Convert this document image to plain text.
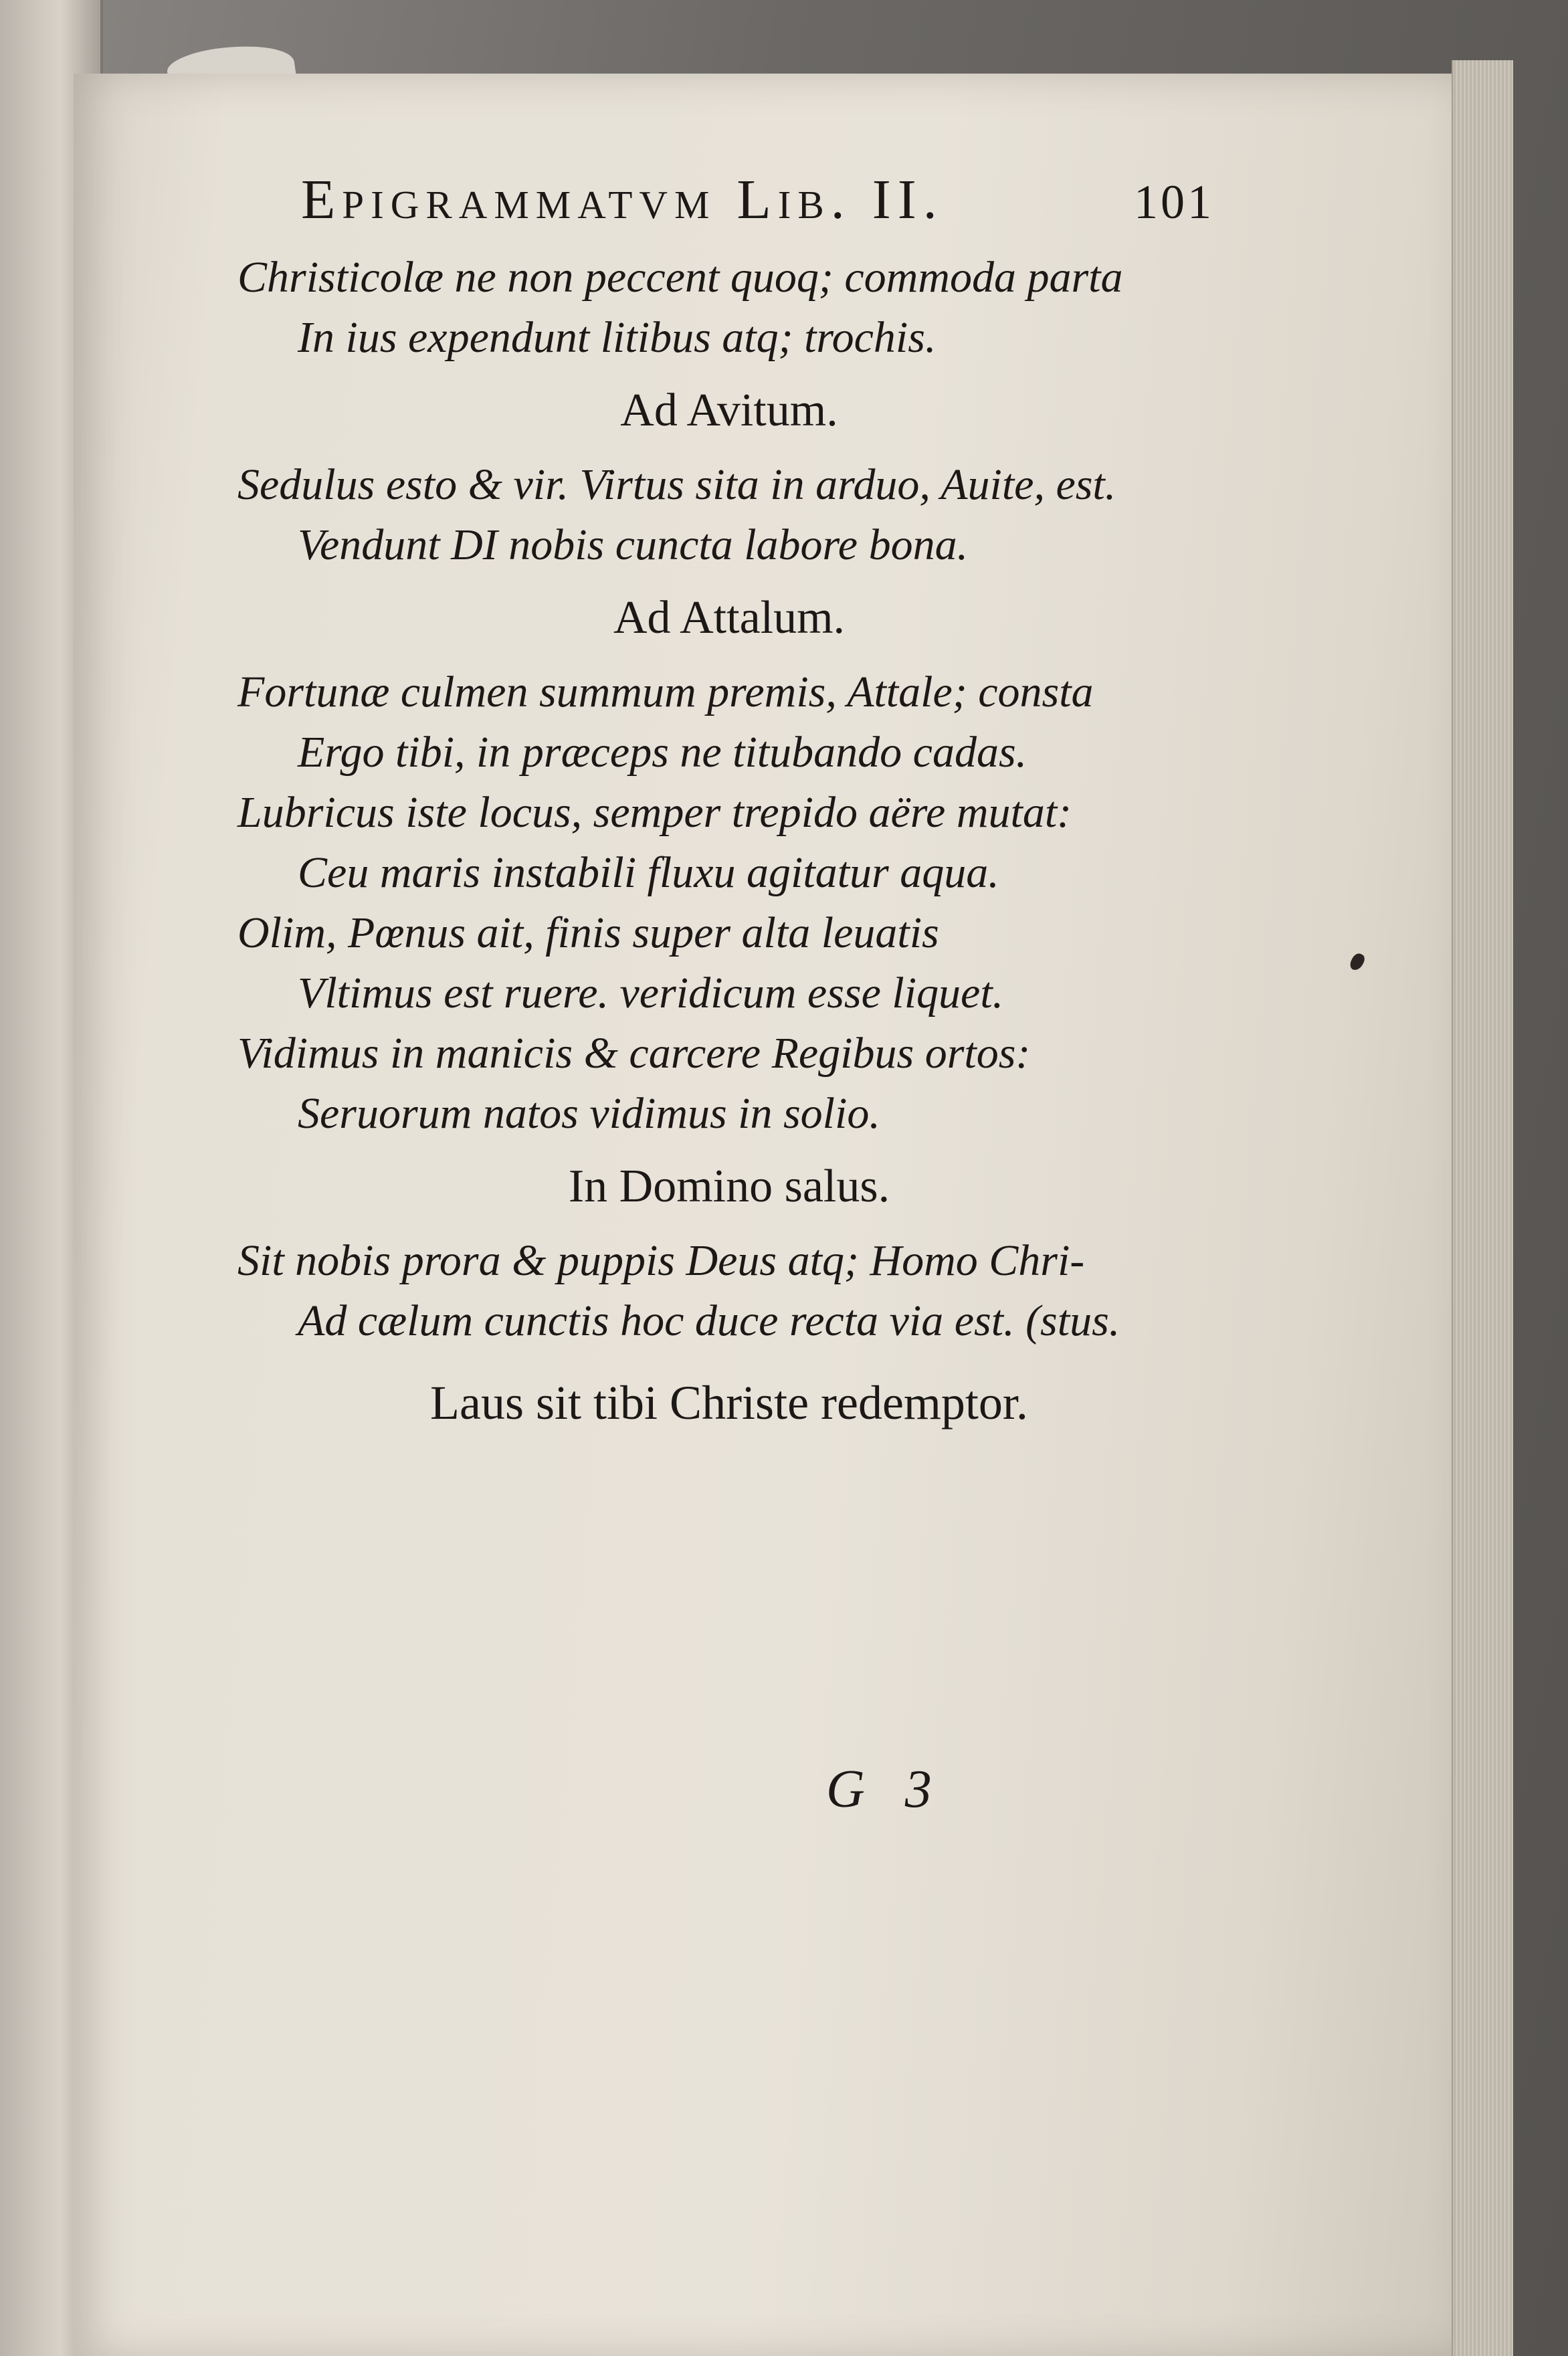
Epigrammatvm Lib. II.	101
Christicolæ ne non peccent quoq; commoda parta
In ius expendunt litibus atq; trochis.
Ad Avitum.
Sedulus esto & vir. Virtus sita in arduo, Auite, est.
Vendunt DI nobis cuncta labore bona.
Ad Attalum.
Fortunæ culmen summum premis, Attale; consta
Ergo tibi, in præceps ne titubando cadas.
Lubricus iste locus, semper trepido aëre mutat:
Ceu maris instabili fluxu agitatur aqua.
Olim, Pœnus ait, finis super alta leuatis
Vltimus est ruere. veridicum esse liquet.
Vidimus in manicis & carcere Regibus ortos:
Seruorum natos vidimus in solio.
In Domino salus.
Sit nobis prora & puppis Deus atq; Homo Chri-
Ad cælum cunctis hoc duce recta via est. (stus.
Laus sit tibi Christe redemptor.
G 3
